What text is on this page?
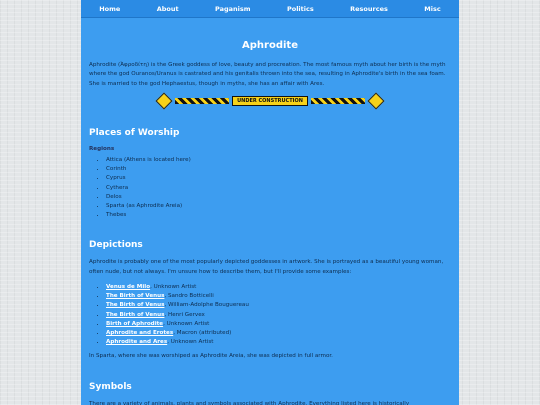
Home	About	Paganism	Politics	Resources	Misc
Aphrodite

Aphrodite (Ἀφροδίτη) is the Greek goddess of love, beauty and procreation. The most famous myth about her birth is the myth where the god Ouranos/Uranus is castrated and his genitalis thrown into the sea, resulting in Aphrodite's birth in the sea foam. She is married to the god Hephaestus, though in myths, she has an affair with Ares.

UNDER CONSTRUCTION
Places of Worship
Regions
• Attica (Athens is located here)
• Corinth
• Cyprus
• Cythera
• Delos
• Sparta (as Aphrodite Areia)
• Thebes
Depictions

Aphrodite is probably one of the most popularly depicted goddesses in artwork. She is portrayed as a beautiful young woman, often nude, but not always. I'm unsure how to describe them, but I'll provide some examples:

• Venus de Milo, Unknown Artist
• The Birth of Venus, Sandro Botticelli
• The Birth of Venus, William-Adolphe Bouguereau
• The Birth of Venus, Henri Gervex
• Birth of Aphrodite, Unknown Artist
• Aphrodite and Erotes, Macron (attributed)
• Aphrodite and Ares, Unknown Artist

In Sparta, where she was worshiped as Aphrodite Areia, she was depicted in full armor.

Symbols

There are a variety of animals, plants and symbols associated with Aphrodite. Everything listed here is historically
